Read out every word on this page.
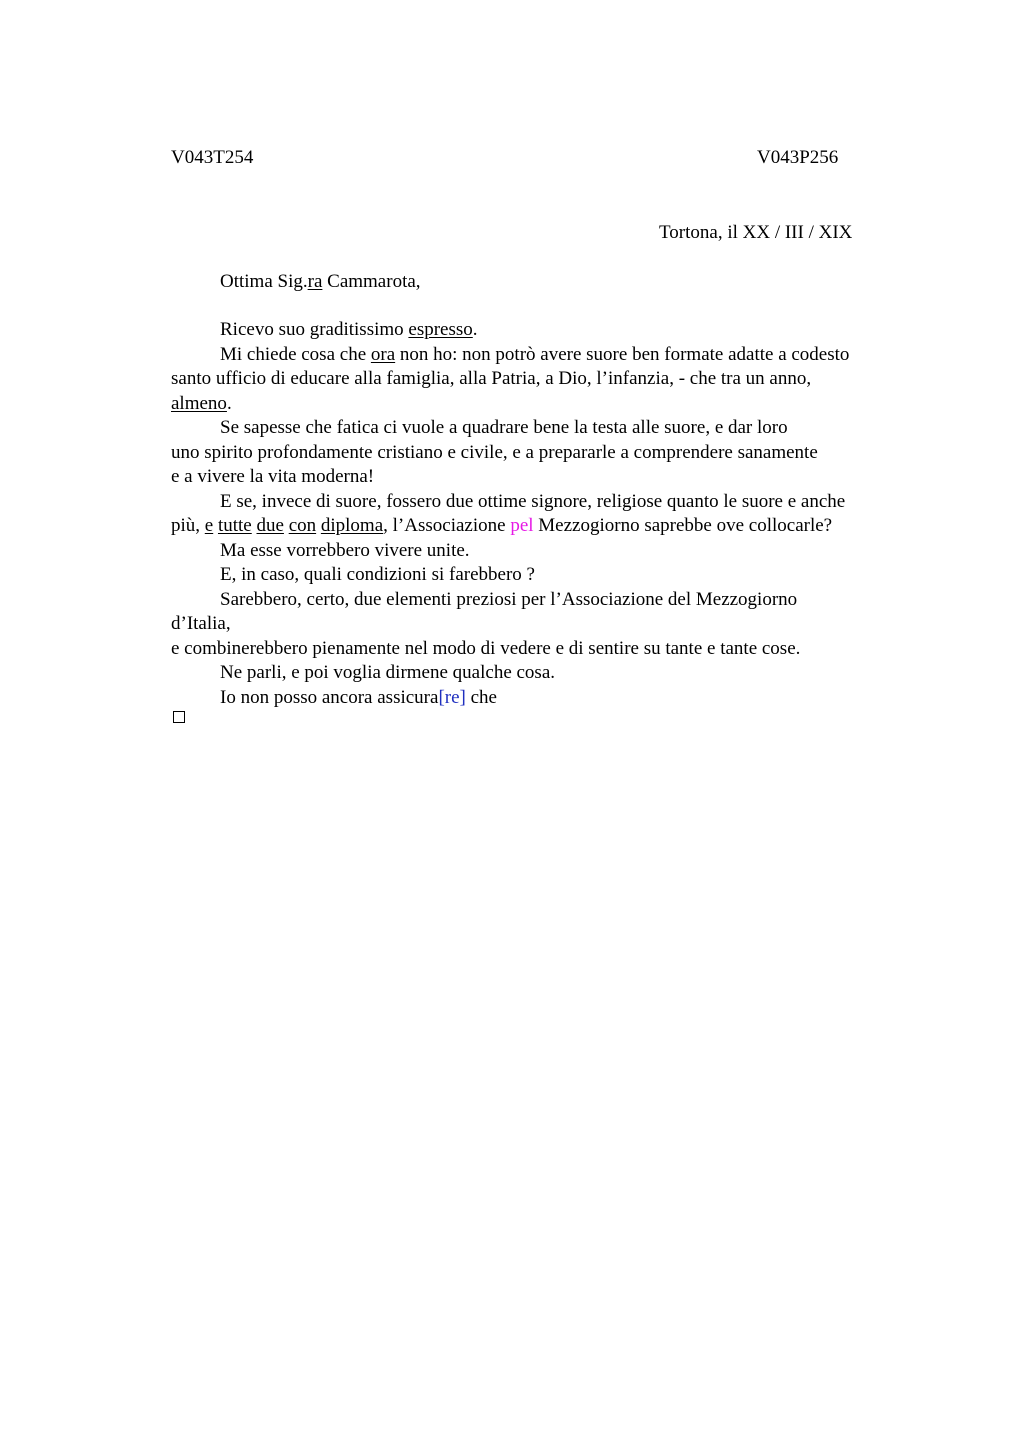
V043T254	V043P256
Tortona, il XX / III / XIX
Ottima Sig.ra Cammarota,
Ricevo suo graditissimo espresso.
Mi chiede cosa che ora non ho: non potrò avere suore ben formate adatte a codesto
santo ufficio di educare alla famiglia, alla Patria, a Dio, l’infanzia, - che tra un anno,
almeno.
Se sapesse che fatica ci vuole a quadrare bene la testa alle suore, e dar loro
uno spirito profondamente cristiano e civile, e a prepararle a comprendere sanamente
e a vivere la vita moderna!
E se, invece di suore, fossero due ottime signore, religiose quanto le suore e anche
più, e tutte due con diploma, l’Associazione pel Mezzogiorno saprebbe ove collocarle?
Ma esse vorrebbero vivere unite.
E, in caso, quali condizioni si farebbero ?
Sarebbero, certo, due elementi preziosi per l’Associazione del Mezzogiorno
d’Italia,
e combinerebbero pienamente nel modo di vedere e di sentire su tante e tante cose.
Ne parli, e poi voglia dirmene qualche cosa.
Io non posso ancora assicura[re] che
